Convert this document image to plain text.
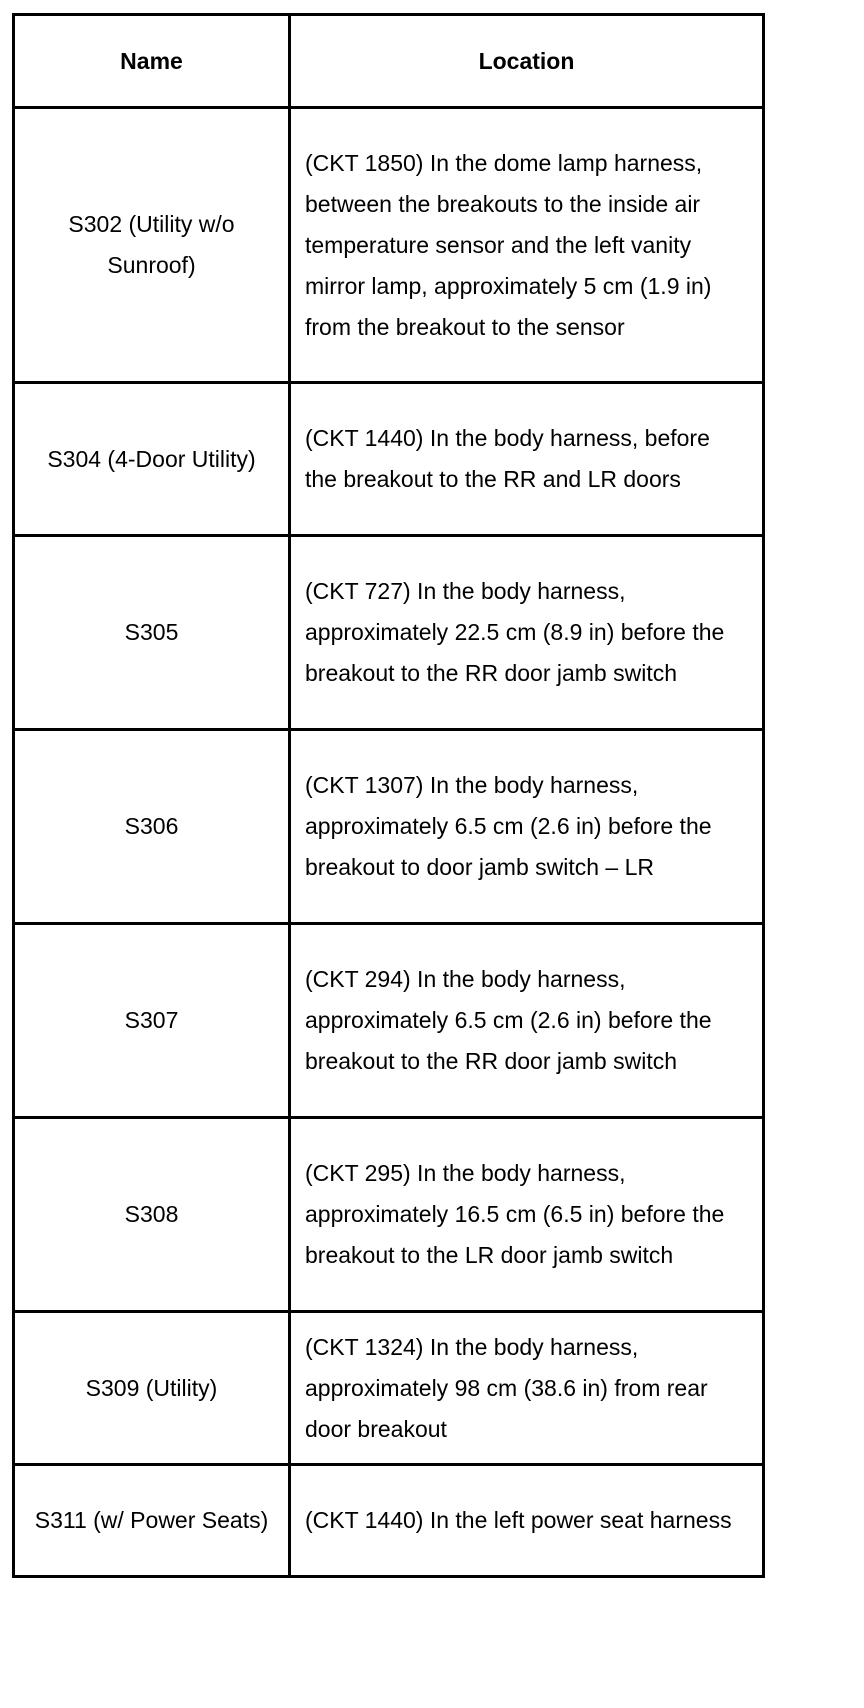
Name	Location
S302 (Utility w/o Sunroof)	(CKT 1850) In the dome lamp harness, between the breakouts to the inside air temperature sensor and the left vanity mirror lamp, approximately 5 cm (1.9 in) from the breakout to the sensor
S304 (4-Door Utility)	(CKT 1440) In the body harness, before the breakout to the RR and LR doors
S305	(CKT 727) In the body harness, approximately 22.5 cm (8.9 in) before the breakout to the RR door jamb switch
S306	(CKT 1307) In the body harness, approximately 6.5 cm (2.6 in) before the breakout to door jamb switch – LR
S307	(CKT 294) In the body harness, approximately 6.5 cm (2.6 in) before the breakout to the RR door jamb switch
S308	(CKT 295) In the body harness, approximately 16.5 cm (6.5 in) before the breakout to the LR door jamb switch
S309 (Utility)	(CKT 1324) In the body harness, approximately 98 cm (38.6 in) from rear door breakout
S311 (w/ Power Seats)	(CKT 1440) In the left power seat harness
